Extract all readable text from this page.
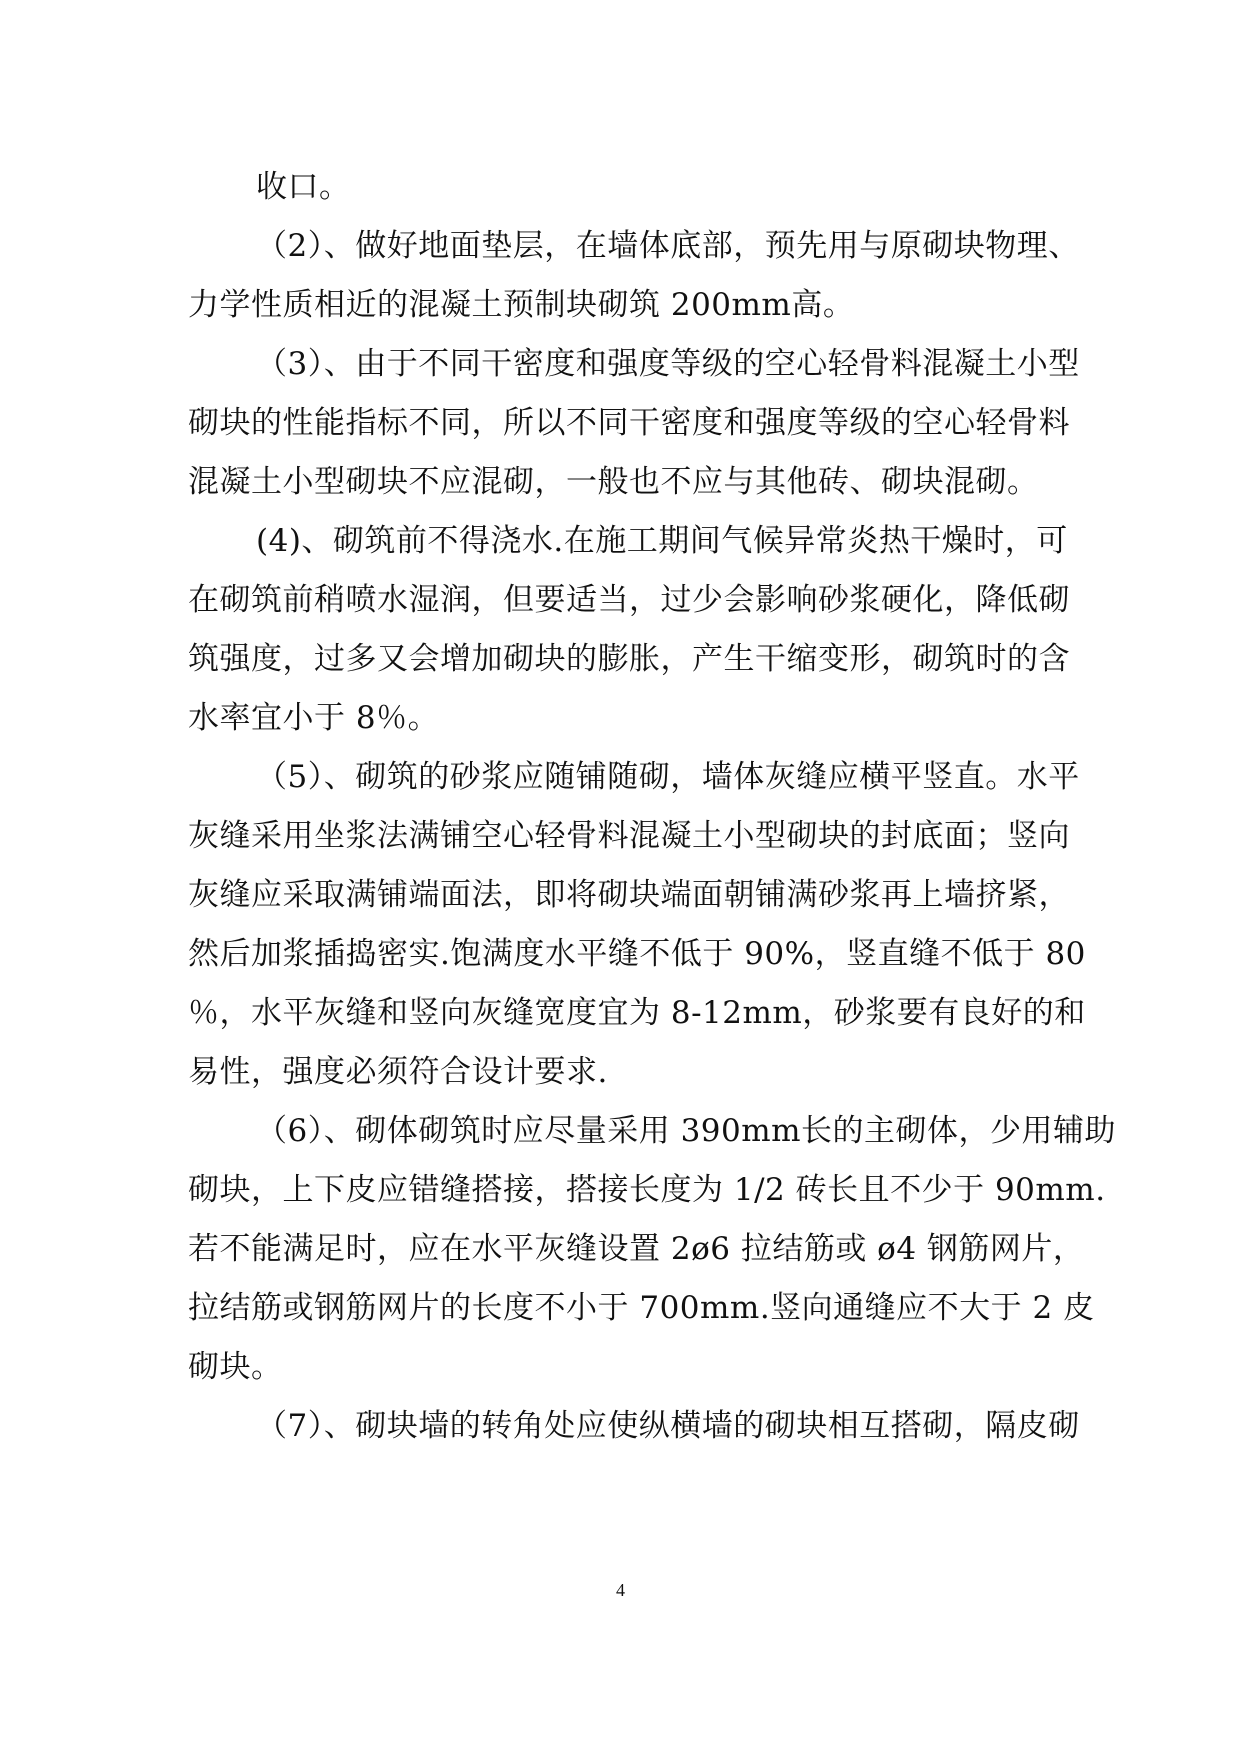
收口。
（2）、做好地面垫层，在墙体底部，预先用与原砌块物理、
力学性质相近的混凝土预制块砌筑 200mm高。
（3）、由于不同干密度和强度等级的空心轻骨料混凝土小型
砌块的性能指标不同，所以不同干密度和强度等级的空心轻骨料
混凝土小型砌块不应混砌，一般也不应与其他砖、砌块混砌。
(4)、砌筑前不得浇水.在施工期间气候异常炎热干燥时，可
在砌筑前稍喷水湿润，但要适当，过少会影响砂浆硬化，降低砌
筑强度，过多又会增加砌块的膨胀，产生干缩变形，砌筑时的含
水率宜小于 8％。
（5）、砌筑的砂浆应随铺随砌，墙体灰缝应横平竖直。水平
灰缝采用坐浆法满铺空心轻骨料混凝土小型砌块的封底面；竖向
灰缝应采取满铺端面法，即将砌块端面朝铺满砂浆再上墙挤紧，
然后加浆插捣密实.饱满度水平缝不低于 90%，竖直缝不低于 80
％，水平灰缝和竖向灰缝宽度宜为 8-12mm，砂浆要有良好的和
易性，强度必须符合设计要求.
（6）、砌体砌筑时应尽量采用 390mm长的主砌体，少用辅助
砌块，上下皮应错缝搭接，搭接长度为 1/2 砖长且不少于 90mm.
若不能满足时，应在水平灰缝设置 2ø6 拉结筋或 ø4 钢筋网片，
拉结筋或钢筋网片的长度不小于 700mm.竖向通缝应不大于 2 皮
砌块。
（7）、砌块墙的转角处应使纵横墙的砌块相互搭砌，隔皮砌
4
